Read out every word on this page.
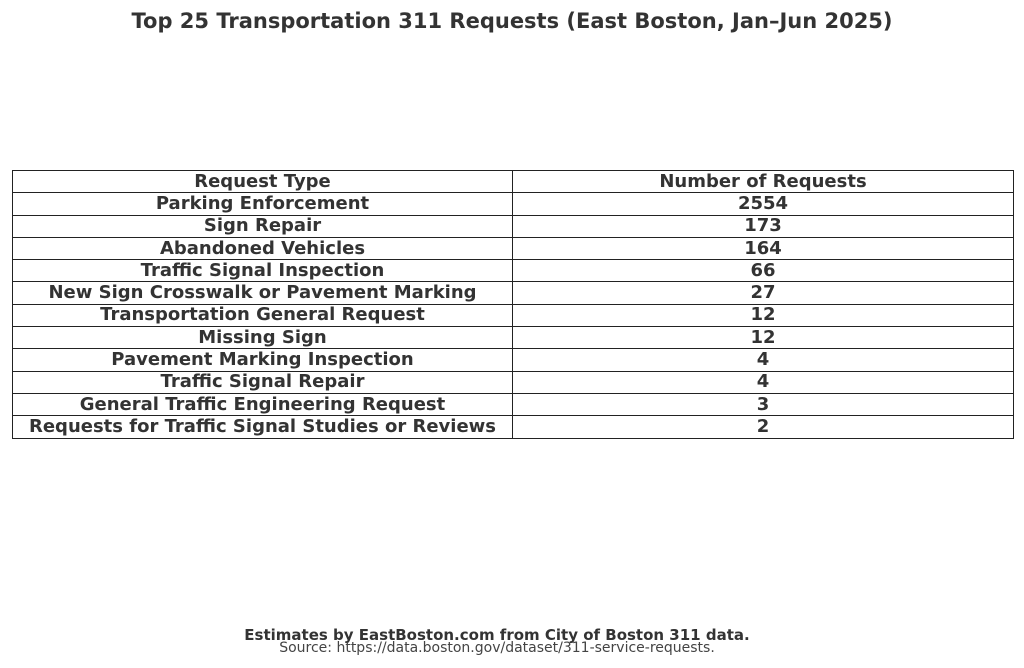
Top 25 Transportation 311 Requests (East Boston, Jan–Jun 2025)
Request Type	Number of Requests
Parking Enforcement	2554
Sign Repair	173
Abandoned Vehicles	164
Traffic Signal Inspection	66
New Sign Crosswalk or Pavement Marking	27
Transportation General Request	12
Missing Sign	12
Pavement Marking Inspection	4
Traffic Signal Repair	4
General Traffic Engineering Request	3
Requests for Traffic Signal Studies or Reviews	2
Estimates by EastBoston.com from City of Boston 311 data.
Source: https://data.boston.gov/dataset/311-service-requests.
